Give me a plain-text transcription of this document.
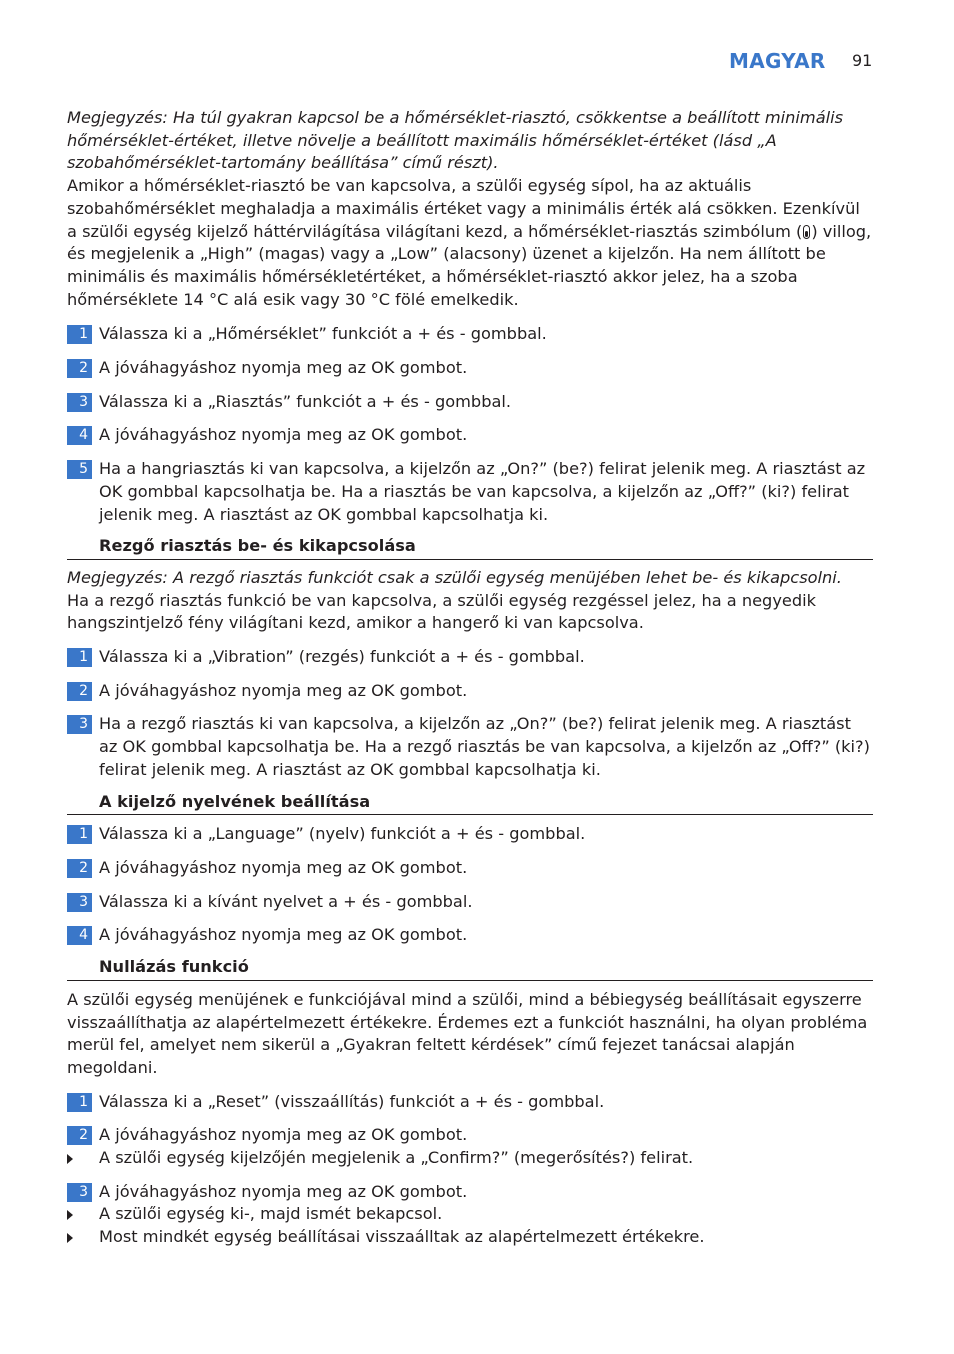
MAGYAR	91

Megjegyzés: Ha túl gyakran kapcsol be a hőmérséklet-riasztó, csökkentse a beállított minimális hőmérséklet-értéket, illetve növelje a beállított maximális hőmérséklet-értéket (lásd „A szobahőmérséklet-tartomány beállítása” című részt).

Amikor a hőmérséklet-riasztó be van kapcsolva, a szülői egység sípol, ha az aktuális szobahőmérséklet meghaladja a maximális értéket vagy a minimális érték alá csökken. Ezenkívül a szülői egység kijelző háttérvilágítása világítani kezd, a hőmérséklet-riasztás szimbólum ( ) villog, és megjelenik a „High” (magas) vagy a „Low” (alacsony) üzenet a kijelzőn. Ha nem állított be minimális és maximális hőmérsékletértéket, a hőmérséklet-riasztó akkor jelez, ha a szoba hőmérséklete 14 °C alá esik vagy 30 °C fölé emelkedik.

1 Válassza ki a „Hőmérséklet” funkciót a + és - gombbal.
2 A jóváhagyáshoz nyomja meg az OK gombot.
3 Válassza ki a „Riasztás” funkciót a + és - gombbal.
4 A jóváhagyáshoz nyomja meg az OK gombot.
5 Ha a hangriasztás ki van kapcsolva, a kijelzőn az „On?” (be?) felirat jelenik meg. A riasztást az OK gombbal kapcsolhatja be. Ha a riasztás be van kapcsolva, a kijelzőn az „Off?” (ki?) felirat jelenik meg. A riasztást az OK gombbal kapcsolhatja ki.
Rezgő riasztás be- és kikapcsolása

Megjegyzés: A rezgő riasztás funkciót csak a szülői egység menüjében lehet be- és kikapcsolni.

Ha a rezgő riasztás funkció be van kapcsolva, a szülői egység rezgéssel jelez, ha a negyedik hangszintjelző fény világítani kezd, amikor a hangerő ki van kapcsolva.

1 Válassza ki a „Vibration” (rezgés) funkciót a + és - gombbal.
2 A jóváhagyáshoz nyomja meg az OK gombot.
3 Ha a rezgő riasztás ki van kapcsolva, a kijelzőn az „On?” (be?) felirat jelenik meg. A riasztást az OK gombbal kapcsolhatja be. Ha a rezgő riasztás be van kapcsolva, a kijelzőn az „Off?” (ki?) felirat jelenik meg. A riasztást az OK gombbal kapcsolhatja ki.
A kijelző nyelvének beállítása
1 Válassza ki a „Language” (nyelv) funkciót a + és - gombbal.
2 A jóváhagyáshoz nyomja meg az OK gombot.
3 Válassza ki a kívánt nyelvet a + és - gombbal.
4 A jóváhagyáshoz nyomja meg az OK gombot.
Nullázás funkció

A szülői egység menüjének e funkciójával mind a szülői, mind a bébiegység beállításait egyszerre visszaállíthatja az alapértelmezett értékekre. Érdemes ezt a funkciót használni, ha olyan probléma merül fel, amelyet nem sikerül a „Gyakran feltett kérdések” című fejezet tanácsai alapján megoldani.

1 Válassza ki a „Reset” (visszaállítás) funkciót a + és - gombbal.
2 A jóváhagyáshoz nyomja meg az OK gombot.
A szülői egység kijelzőjén megjelenik a „Confirm?” (megerősítés?) felirat.
3 A jóváhagyáshoz nyomja meg az OK gombot.
A szülői egység ki-, majd ismét bekapcsol.
Most mindkét egység beállításai visszaálltak az alapértelmezett értékekre.
